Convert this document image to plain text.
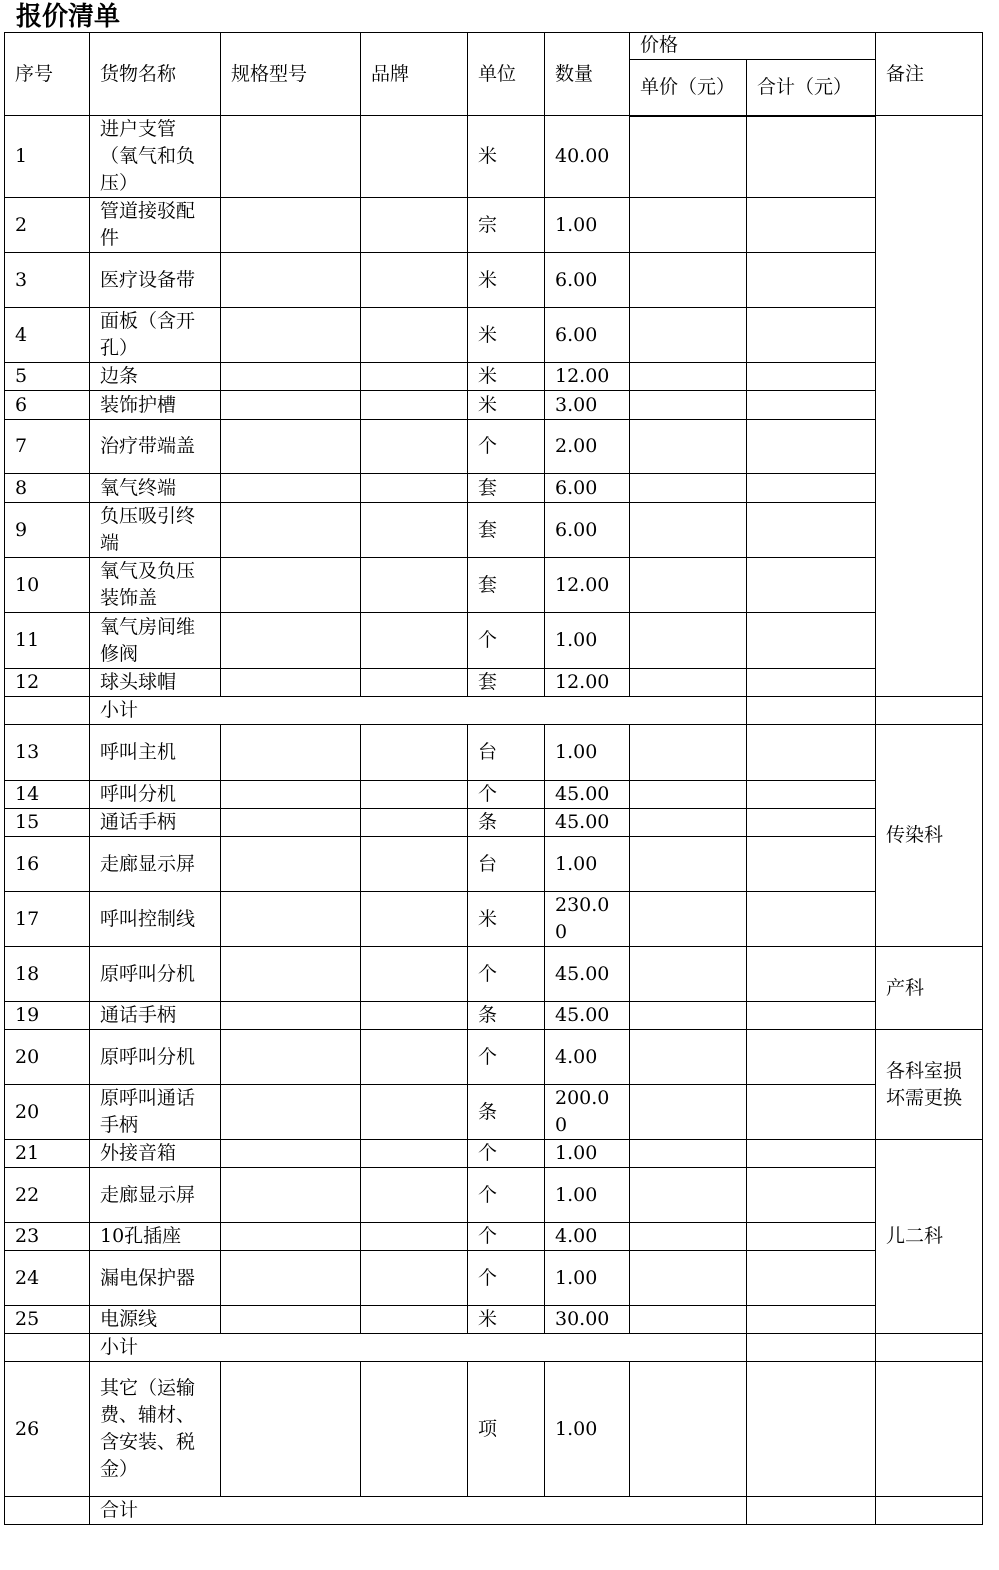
报价清单
序号	货物名称	规格型号	品牌	单位	数量	价格		备注
						单价（元）	合计（元）	
1	进户支管（氧气和负压）			米	40.00			
2	管道接驳配件			宗	1.00			
3	医疗设备带			米	6.00			
4	面板（含开孔）			米	6.00			
5	边条			米	12.00			
6	装饰护槽			米	3.00			
7	治疗带端盖			个	2.00			
8	氧气终端			套	6.00			
9	负压吸引终端			套	6.00			
10	氧气及负压装饰盖			套	12.00			
11	氧气房间维修阀			个	1.00			
12	球头球帽			套	12.00			
	小计							
13	呼叫主机			台	1.00			传染科
14	呼叫分机			个	45.00			
15	通话手柄			条	45.00			
16	走廊显示屏			台	1.00			
17	呼叫控制线			米	230.00			
18	原呼叫分机			个	45.00			产科
19	通话手柄			条	45.00			
20	原呼叫分机			个	4.00			各科室损坏需更换
20	原呼叫通话手柄			条	200.00			
21	外接音箱			个	1.00			儿二科
22	走廊显示屏			个	1.00			
23	10孔插座			个	4.00			
24	漏电保护器			个	1.00			
25	电源线			米	30.00			
	小计							
26	其它（运输费、辅材、含安装、税金）			项	1.00			
	合计							
